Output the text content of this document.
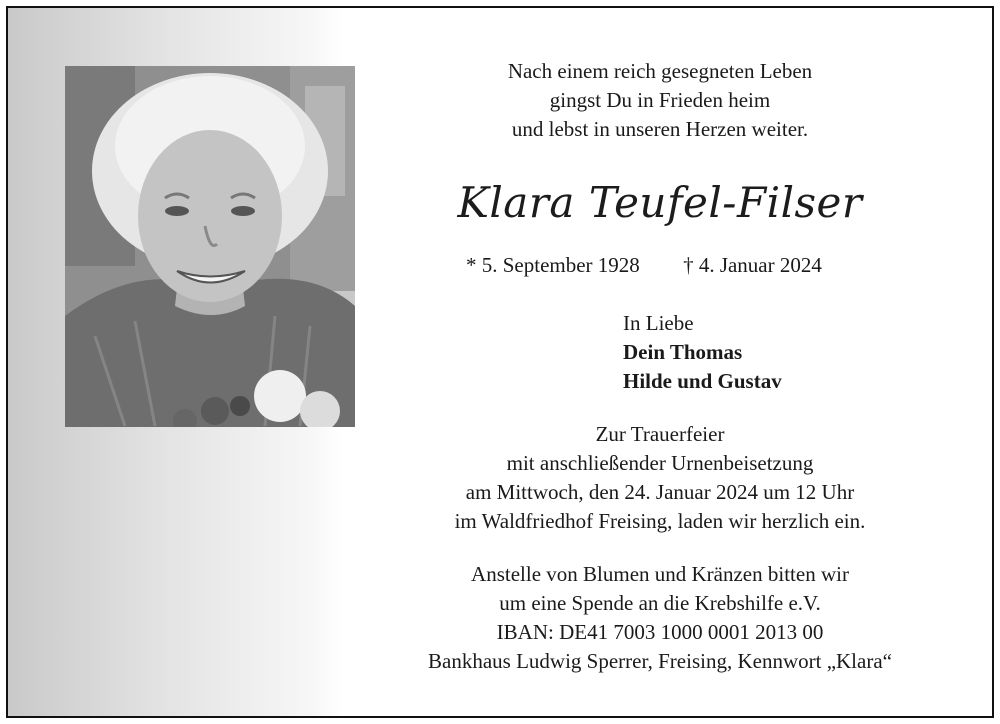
Nach einem reich gesegneten Leben
gingst Du in Frieden heim
und lebst in unseren Herzen weiter.
Klara Teufel-Filser
* 5. September 1928 † 4. Januar 2024
In Liebe
Dein Thomas
Hilde und Gustav
Zur Trauerfeier
mit anschließender Urnenbeisetzung
am Mittwoch, den 24. Januar 2024 um 12 Uhr
im Waldfriedhof Freising, laden wir herzlich ein.
Anstelle von Blumen und Kränzen bitten wir
um eine Spende an die Krebshilfe e.V.
IBAN: DE41 7003 1000 0001 2013 00
Bankhaus Ludwig Sperrer, Freising, Kennwort „Klara“
